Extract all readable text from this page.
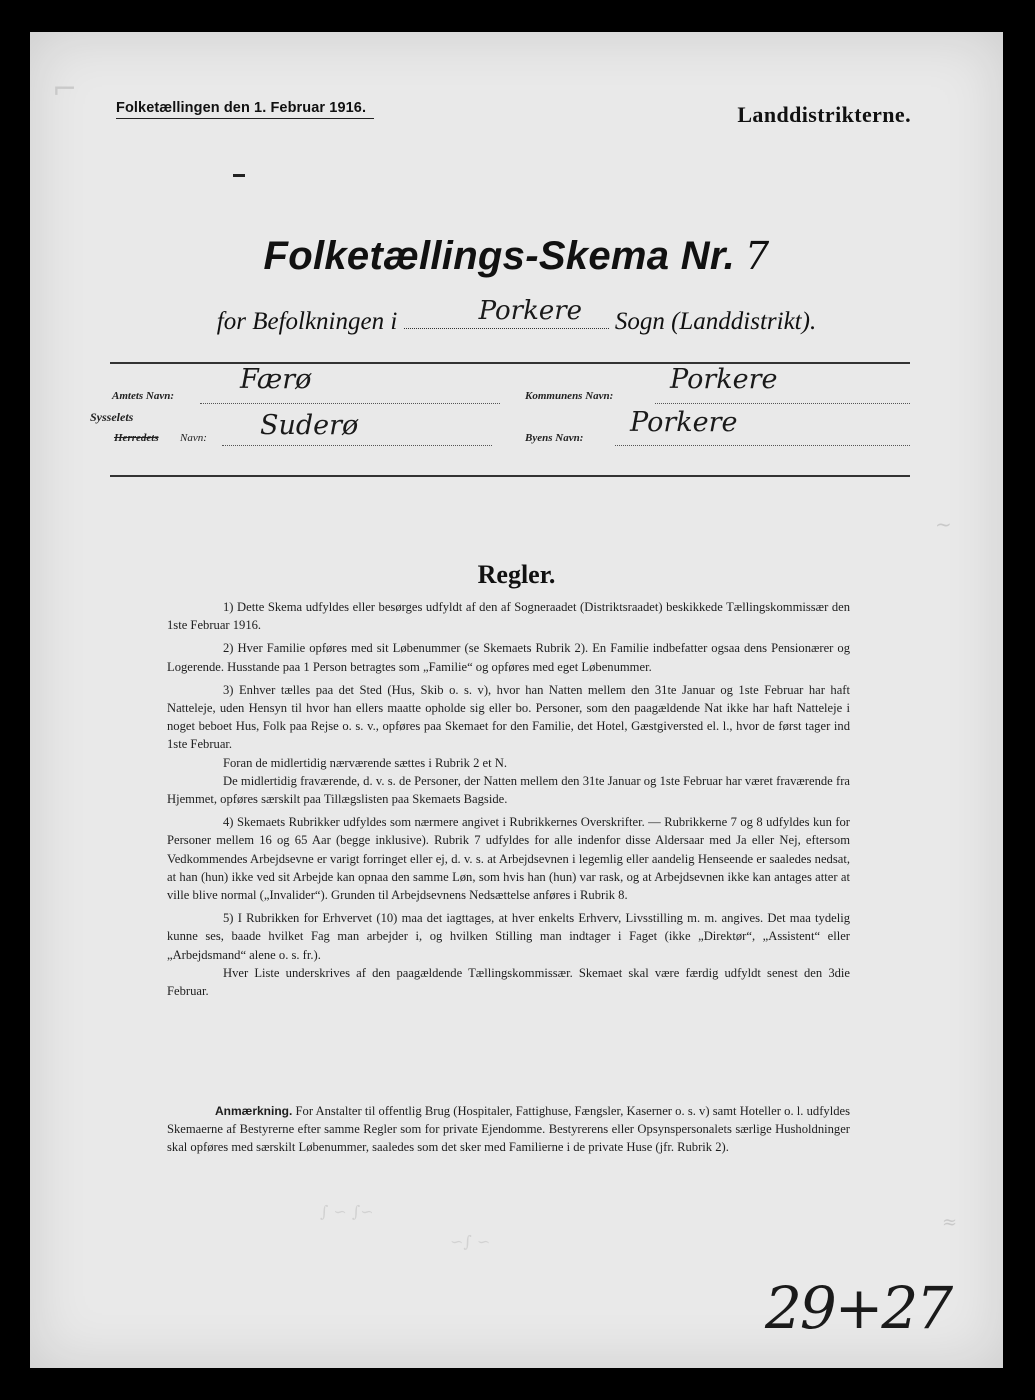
⌐
~
≈
Folketællingen den 1. Februar 1916.	Landdistrikterne.
Folketællings-Skema Nr. 7
for Befolkningen i	Porkere Sogn (Landdistrikt).
Amtets Navn:
Færø
Kommunens Navn:
Porkere
Sysselets
Herredets Navn: Suderø	Byens Navn: Porkere
Regler.

1) Dette Skema udfyldes eller besørges udfyldt af den af Sogneraadet (Distriktsraadet) beskikkede Tællingskommissær den 1ste Februar 1916.

2) Hver Familie opføres med sit Løbenummer (se Skemaets Rubrik 2). En Familie indbefatter ogsaa dens Pensionærer og Logerende. Husstande paa 1 Person betragtes som „Familie“ og opføres med eget Løbenummer.

3) Enhver tælles paa det Sted (Hus, Skib o. s. v), hvor han Natten mellem den 31te Januar og 1ste Februar har haft Natteleje, uden Hensyn til hvor han ellers maatte opholde sig eller bo. Personer, som den paagældende Nat ikke har haft Natteleje i noget beboet Hus, Folk paa Rejse o. s. v., opføres paa Skemaet for den Familie, det Hotel, Gæstgiversted el. l., hvor de først tager ind 1ste Februar.

Foran de midlertidig nærværende sættes i Rubrik 2 et N.

De midlertidig fraværende, d. v. s. de Personer, der Natten mellem den 31te Januar og 1ste Februar har været fraværende fra Hjemmet, opføres særskilt paa Tillægslisten paa Skemaets Bagside.

4) Skemaets Rubrikker udfyldes som nærmere angivet i Rubrikkernes Overskrifter. — Rubrikkerne 7 og 8 udfyldes kun for Personer mellem 16 og 65 Aar (begge inklusive). Rubrik 7 udfyldes for alle indenfor disse Aldersaar med Ja eller Nej, eftersom Vedkommendes Arbejdsevne er varigt forringet eller ej, d. v. s. at Arbejdsevnen i legemlig eller aandelig Henseende er saaledes nedsat, at han (hun) ikke ved sit Arbejde kan opnaa den samme Løn, som hvis han (hun) var rask, og at Arbejdsevnen ikke kan antages atter at ville blive normal („Invalider“). Grunden til Arbejdsevnens Nedsættelse anføres i Rubrik 8.

5) I Rubrikken for Erhvervet (10) maa det iagttages, at hver enkelts Erhverv, Livsstilling m. m. angives. Det maa tydelig kunne ses, baade hvilket Fag man arbejder i, og hvilken Stilling man indtager i Faget (ikke „Direktør“, „Assistent“ eller „Arbejdsmand“ alene o. s. fr.).

Hver Liste underskrives af den paagældende Tællingskommissær. Skemaet skal være færdig udfyldt senest den 3die Februar.

Anmærkning. For Anstalter til offentlig Brug (Hospitaler, Fattighuse, Fængsler, Kaserner o. s. v) samt Hoteller o. l. udfyldes Skemaerne af Bestyrerne efter samme Regler som for private Ejendomme. Bestyrerens eller Opsynspersonalets særlige Husholdninger skal opføres med særskilt Løbenummer, saaledes som det sker med Familierne i de private Huse (jfr. Rubrik 2).

∫ ∽ ∫∽
∽∫ ∽
29+27
